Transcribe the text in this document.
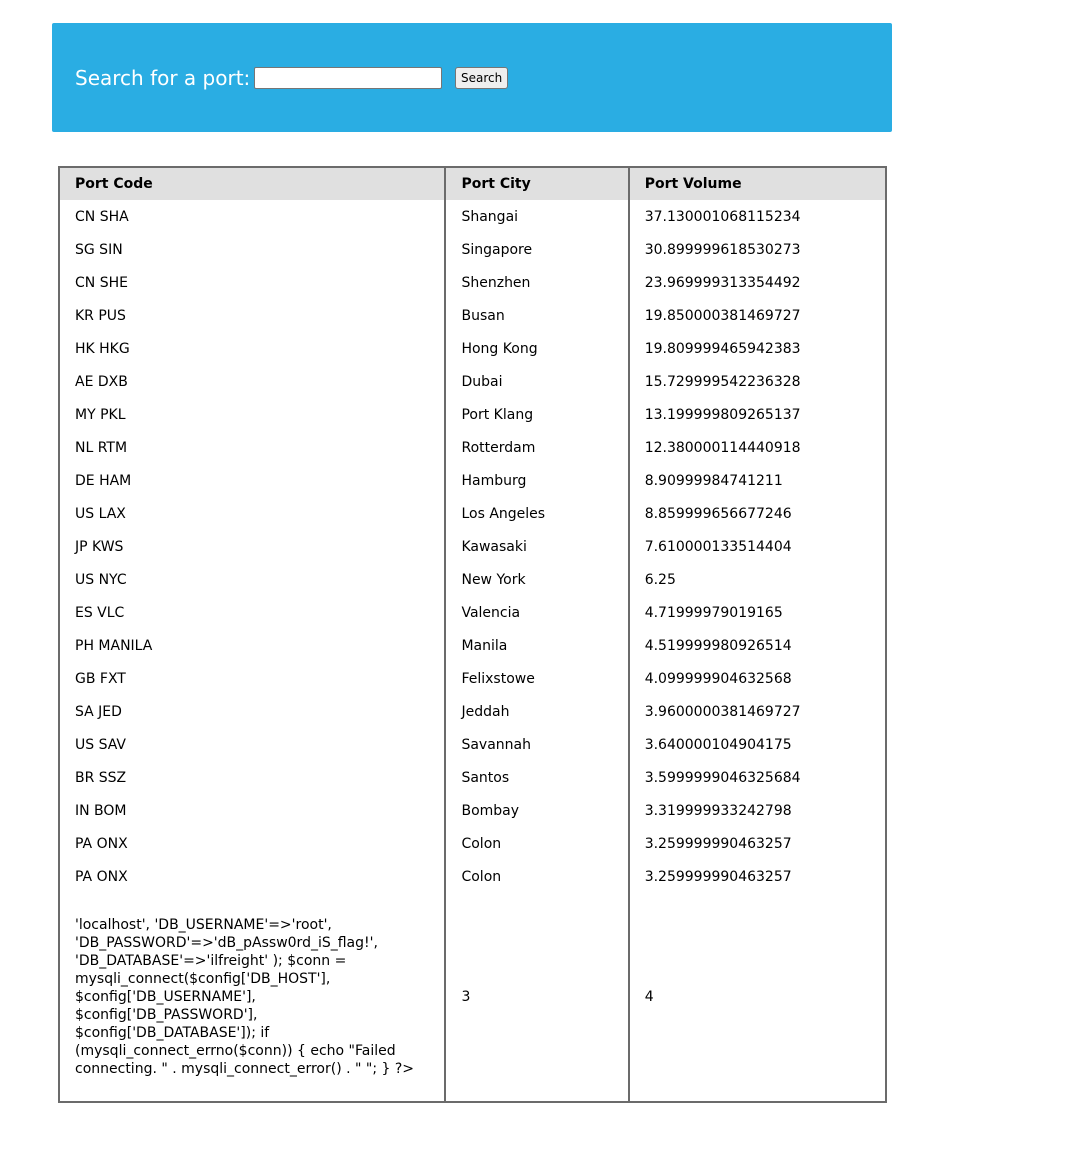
Search for a port:	Search
Port Code	Port City	Port Volume
CN SHA	Shangai	37.130001068115234
SG SIN	Singapore	30.899999618530273
CN SHE	Shenzhen	23.969999313354492
KR PUS	Busan	19.850000381469727
HK HKG	Hong Kong	19.809999465942383
AE DXB	Dubai	15.729999542236328
MY PKL	Port Klang	13.199999809265137
NL RTM	Rotterdam	12.380000114440918
DE HAM	Hamburg	8.90999984741211
US LAX	Los Angeles	8.859999656677246
JP KWS	Kawasaki	7.610000133514404
US NYC	New York	6.25
ES VLC	Valencia	4.71999979019165
PH MANILA	Manila	4.519999980926514
GB FXT	Felixstowe	4.099999904632568
SA JED	Jeddah	3.9600000381469727
US SAV	Savannah	3.640000104904175
BR SSZ	Santos	3.5999999046325684
IN BOM	Bombay	3.319999933242798
PA ONX	Colon	3.259999990463257
PA ONX	Colon	3.259999990463257
'localhost', 'DB_USERNAME'=>'root', 'DB_PASSWORD'=>'dB_pAssw0rd_iS_flag!', 'DB_DATABASE'=>'ilfreight' ); $conn = mysqli_connect($config['DB_HOST'], $config['DB_USERNAME'], $config['DB_PASSWORD'], $config['DB_DATABASE']); if (mysqli_connect_errno($conn)) { echo "Failed connecting. " . mysqli_connect_error() . " "; } ?>	3	4
